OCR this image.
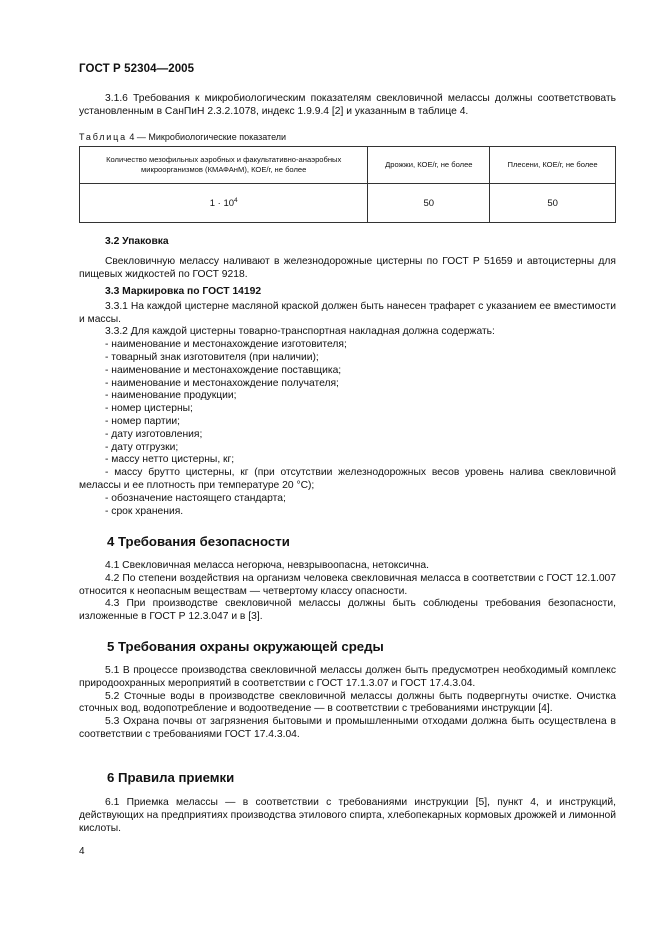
ГОСТ Р 52304—2005

3.1.6 Требования к микробиологическим показателям свекловичной мелассы должны соответствовать установленным в СанПиН 2.3.2.1078, индекс 1.9.9.4 [2] и указанным в таблице 4.

Таблица 4 — Микробиологические показатели
Количество мезофильных аэробных и факультативно-анаэробных микроорганизмов (КМАФАнМ), КОЕ/г, не более	Дрожжи, КОЕ/г, не более	Плесени, КОЕ/г, не более
$1 \cdot 10^4$	50	50
3.2 Упаковка

Свекловичную мелассу наливают в железнодорожные цистерны по ГОСТ Р 51659 и автоцистерны для пищевых жидкостей по ГОСТ 9218.

3.3 Маркировка по ГОСТ 14192

3.3.1 На каждой цистерне масляной краской должен быть нанесен трафарет с указанием ее вместимости и массы.

3.3.2 Для каждой цистерны товарно-транспортная накладная должна содержать:

- наименование и местонахождение изготовителя;
- товарный знак изготовителя (при наличии);
- наименование и местонахождение поставщика;
- наименование и местонахождение получателя;
- наименование продукции;
- номер цистерны;
- номер партии;
- дату изготовления;
- дату отгрузки;
- массу нетто цистерны, кг;
- массу брутто цистерны, кг (при отсутствии железнодорожных весов уровень налива свекловичной мелассы и ее плотность при температуре 20 °С);
- обозначение настоящего стандарта;
- срок хранения.
4 Требования безопасности

4.1 Свекловичная меласса негорюча, невзрывоопасна, нетоксична.

4.2 По степени воздействия на организм человека свекловичная меласса в соответствии с ГОСТ 12.1.007 относится к неопасным веществам — четвертому классу опасности.

4.3 При производстве свекловичной мелассы должны быть соблюдены требования безопасности, изложенные в ГОСТ Р 12.3.047 и в [3].

5 Требования охраны окружающей среды

5.1 В процессе производства свекловичной мелассы должен быть предусмотрен необходимый комплекс природоохранных мероприятий в соответствии с ГОСТ 17.1.3.07 и ГОСТ 17.4.3.04.

5.2 Сточные воды в производстве свекловичной мелассы должны быть подвергнуты очистке. Очистка сточных вод, водопотребление и водоотведение — в соответствии с требованиями инструкции [4].

5.3 Охрана почвы от загрязнения бытовыми и промышленными отходами должна быть осуществлена в соответствии с требованиями ГОСТ 17.4.3.04.

6 Правила приемки

6.1 Приемка мелассы — в соответствии с требованиями инструкции [5], пункт 4, и инструкций, действующих на предприятиях производства этилового спирта, хлебопекарных кормовых дрожжей и лимонной кислоты.

4
